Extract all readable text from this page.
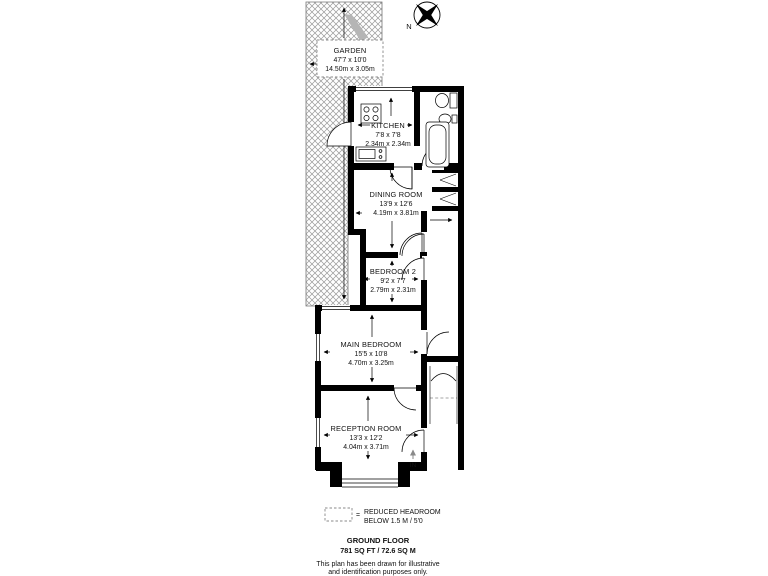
GARDEN
47'7 x 10'0
14.50m x 3.05m
N
KITCHEN
7'8 x 7'8
2.34m x 2.34m
DINING ROOM
13'9 x 12'6
4.19m x 3.81m
BEDROOM 2
9'2 x 7'7
2.79m x 2.31m
MAIN BEDROOM
15'5 x 10'8
4.70m x 3.25m
RECEPTION ROOM
13'3 x 12'2
4.04m x 3.71m
IN
= REDUCED HEADROOM
BELOW 1.5 M / 5'0
GROUND FLOOR
781 SQ FT / 72.6 SQ M
This plan has been drawn for illustrative
and identification purposes only.
